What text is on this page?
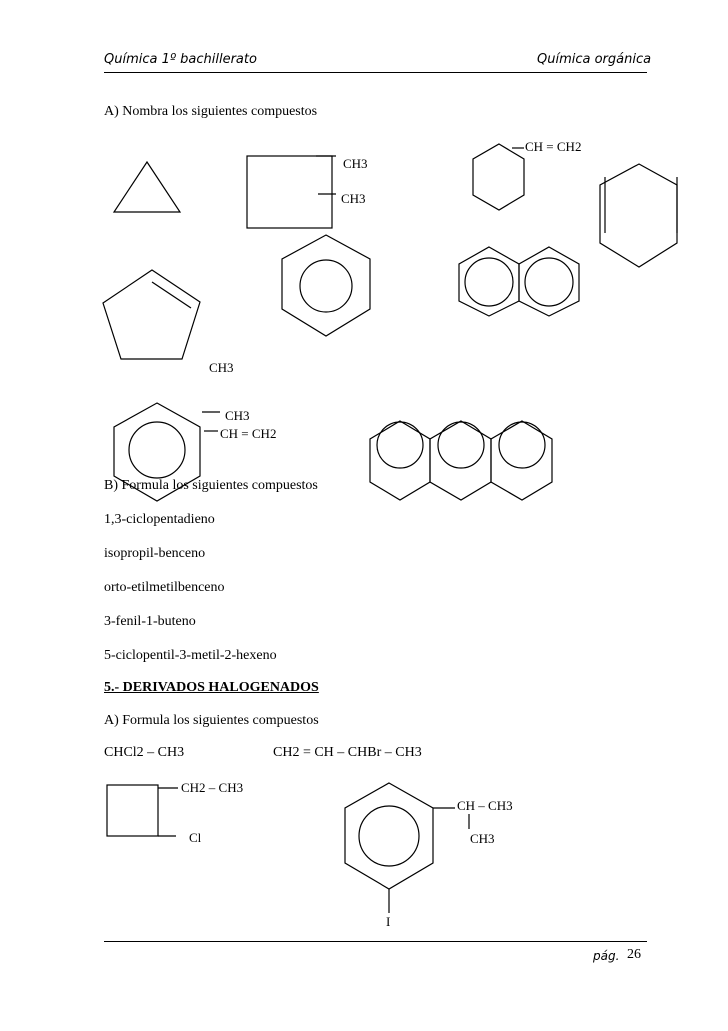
Química 1º bachillerato	Química orgánica
A) Nombra los siguientes compuestos
CH3
CH3
CH = CH2
CH3
CH3
CH = CH2
B) Formula los siguientes compuestos
1,3-ciclopentadieno
isopropil-benceno
orto-etilmetilbenceno
3-fenil-1-buteno
5-ciclopentil-3-metil-2-hexeno
5.- DERIVADOS HALOGENADOS
A) Formula los siguientes compuestos
CHCl2 – CH3	CH2 = CH – CHBr – CH3
CH2 – CH3
Cl
CH – CH3
CH3
I
pág. 26
